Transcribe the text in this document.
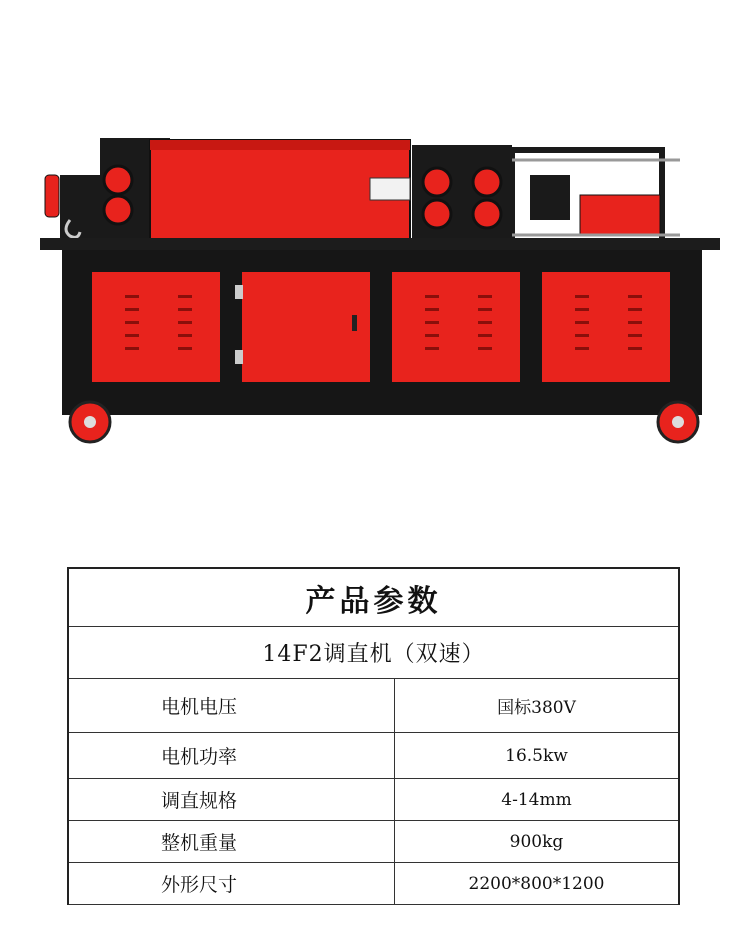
产品参数
14F2调直机（双速）
电机电压	国标380V
电机功率	16.5kw
调直规格	4-14mm
整机重量	900kg
外形尺寸	2200*800*1200
